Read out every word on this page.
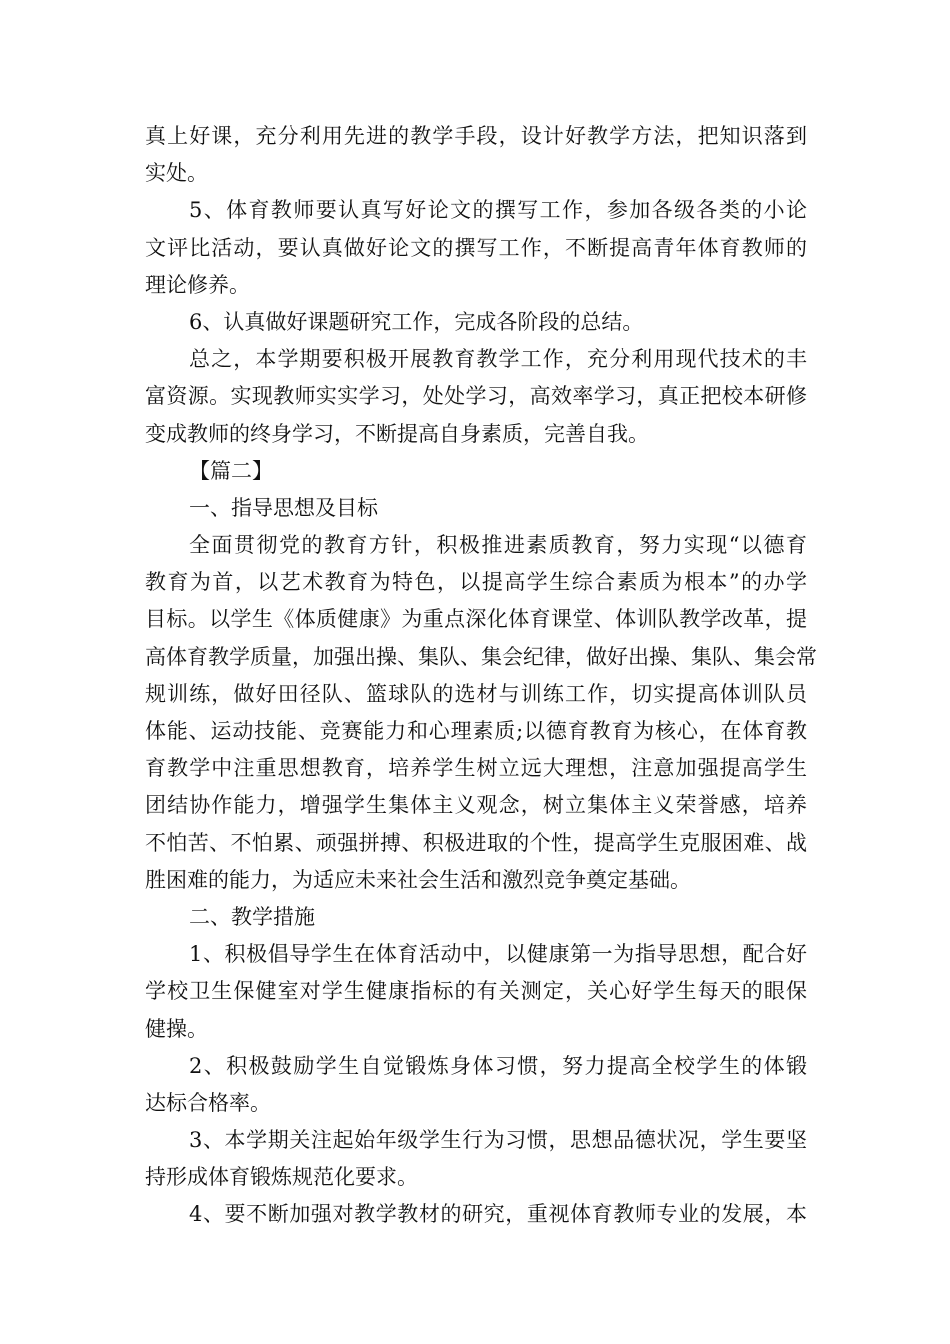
真上好课，充分利用先进的教学手段，设计好教学方法，把知识落到
实处。
5、体育教师要认真写好论文的撰写工作，参加各级各类的小论
文评比活动，要认真做好论文的撰写工作，不断提高青年体育教师的
理论修养。
6、认真做好课题研究工作，完成各阶段的总结。
总之，本学期要积极开展教育教学工作，充分利用现代技术的丰
富资源。实现教师实实学习，处处学习，高效率学习，真正把校本研修
变成教师的终身学习，不断提高自身素质，完善自我。
【篇二】
一、指导思想及目标
全面贯彻党的教育方针，积极推进素质教育，努力实现“以德育
教育为首，以艺术教育为特色，以提高学生综合素质为根本”的办学
目标。以学生《体质健康》为重点深化体育课堂、体训队教学改革，提
高体育教学质量，加强出操、集队、集会纪律，做好出操、集队、集会常
规训练，做好田径队、篮球队的选材与训练工作，切实提高体训队员
体能、运动技能、竞赛能力和心理素质;以德育教育为核心，在体育教
育教学中注重思想教育，培养学生树立远大理想，注意加强提高学生
团结协作能力，增强学生集体主义观念，树立集体主义荣誉感，培养
不怕苦、不怕累、顽强拼搏、积极进取的个性，提高学生克服困难、战
胜困难的能力，为适应未来社会生活和激烈竞争奠定基础。
二、教学措施
1、积极倡导学生在体育活动中，以健康第一为指导思想，配合好
学校卫生保健室对学生健康指标的有关测定，关心好学生每天的眼保
健操。
2、积极鼓励学生自觉锻炼身体习惯，努力提高全校学生的体锻
达标合格率。
3、本学期关注起始年级学生行为习惯，思想品德状况，学生要坚
持形成体育锻炼规范化要求。
4、要不断加强对教学教材的研究，重视体育教师专业的发展，本
